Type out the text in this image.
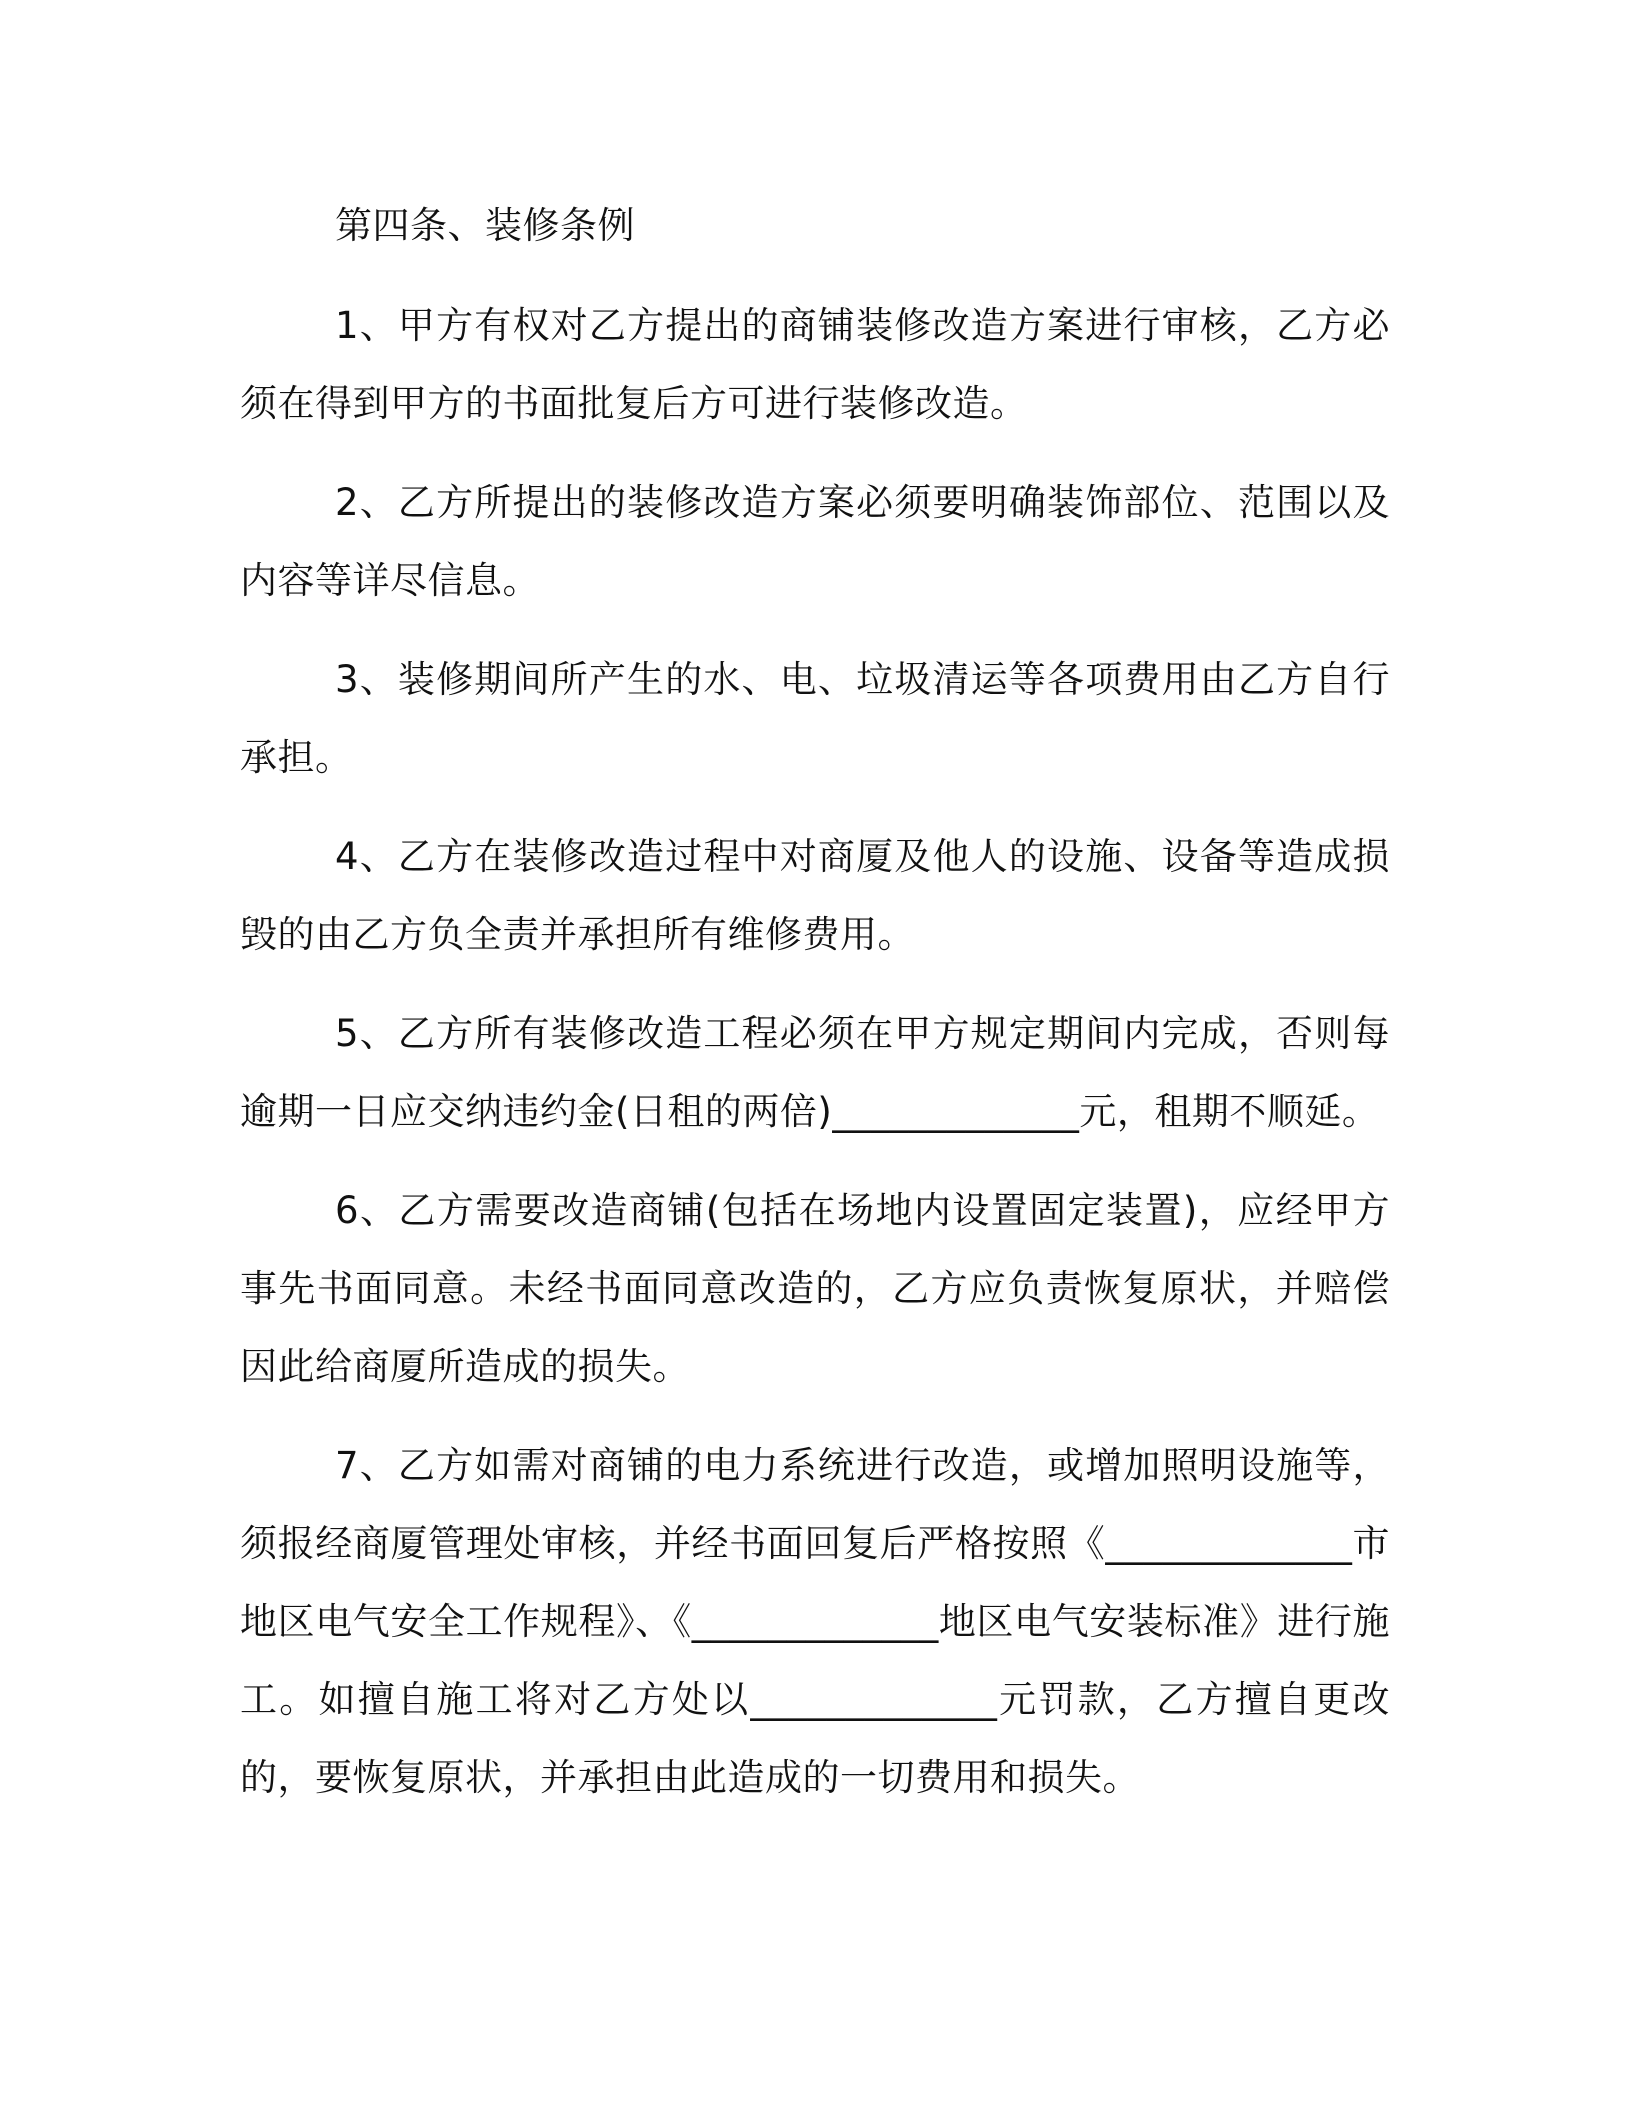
第四条、装修条例

1、甲方有权对乙方提出的商铺装修改造方案进行审核，乙方必须在得到甲方的书面批复后方可进行装修改造。

2、乙方所提出的装修改造方案必须要明确装饰部位、范围以及内容等详尽信息。

3、装修期间所产生的水、电、垃圾清运等各项费用由乙方自行承担。

4、乙方在装修改造过程中对商厦及他人的设施、设备等造成损毁的由乙方负全责并承担所有维修费用。

5、乙方所有装修改造工程必须在甲方规定期间内完成，否则每逾期一日应交纳违约金(日租的两倍)_____________元，租期不顺延。

6、乙方需要改造商铺(包括在场地内设置固定装置)，应经甲方事先书面同意。未经书面同意改造的，乙方应负责恢复原状，并赔偿因此给商厦所造成的损失。

7、乙方如需对商铺的电力系统进行改造，或增加照明设施等，须报经商厦管理处审核，并经书面回复后严格按照《_____________市地区电气安全工作规程》、《_____________地区电气安装标准》进行施工。如擅自施工将对乙方处以_____________元罚款，乙方擅自更改的，要恢复原状，并承担由此造成的一切费用和损失。
